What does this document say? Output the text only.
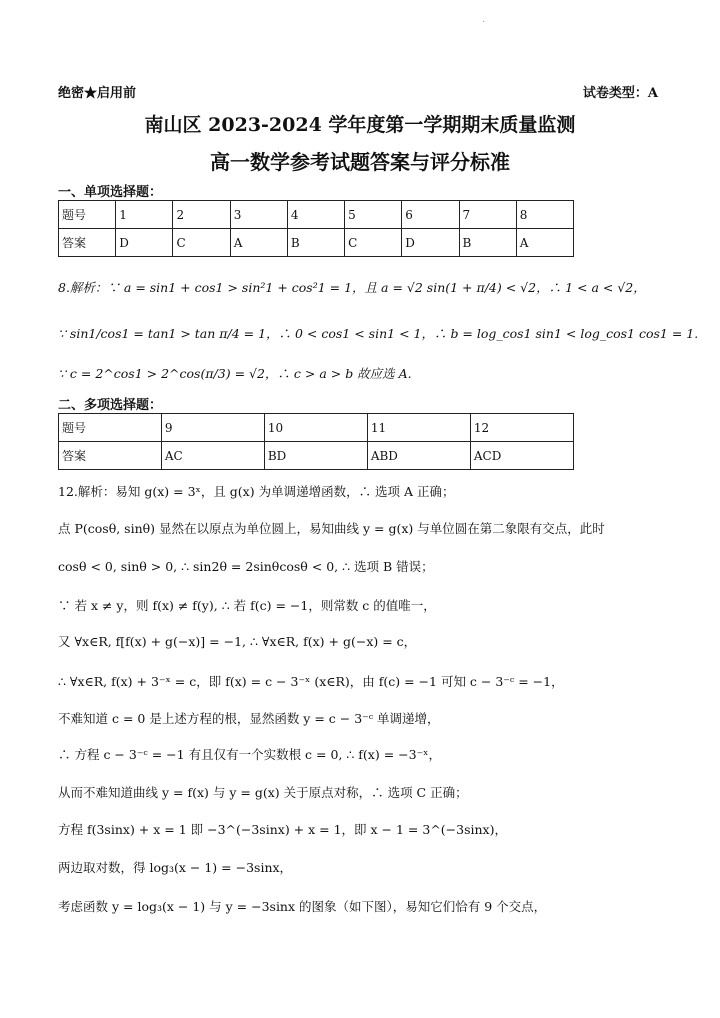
.
绝密★启用前	试卷类型：A
南山区 2023-2024 学年度第一学期期末质量监测
高一数学参考试题答案与评分标准
一、单项选择题：
题号	1	2	3	4	5	6	7	8
答案	D	C	A	B	C	D	B	A
8.解析：∵ a = sin1 + cos1 > sin²1 + cos²1 = 1，且 a = √2 sin(1 + π/4) < √2，∴ 1 < a < √2，
∵ sin1/cos1 = tan1 > tan π/4 = 1，∴ 0 < cos1 < sin1 < 1，∴ b = log_cos1 sin1 < log_cos1 cos1 = 1.
∵ c = 2^cos1 > 2^cos(π/3) = √2，∴ c > a > b 故应选 A.
二、多项选择题：
题号	9	10	11	12
答案	AC	BD	ABD	ACD
12.解析：易知 g(x) = 3ˣ，且 g(x) 为单调递增函数，∴ 选项 A 正确；
点 P(cosθ, sinθ) 显然在以原点为单位圆上，易知曲线 y = g(x) 与单位圆在第二象限有交点，此时
cosθ < 0, sinθ > 0, ∴ sin2θ = 2sinθcosθ < 0, ∴ 选项 B 错误；
∵ 若 x ≠ y，则 f(x) ≠ f(y), ∴ 若 f(c) = −1，则常数 c 的值唯一，
又 ∀x∈R, f[f(x) + g(−x)] = −1, ∴ ∀x∈R, f(x) + g(−x) = c，
∴ ∀x∈R, f(x) + 3⁻ˣ = c，即 f(x) = c − 3⁻ˣ (x∈R)，由 f(c) = −1 可知 c − 3⁻ᶜ = −1，
不难知道 c = 0 是上述方程的根，显然函数 y = c − 3⁻ᶜ 单调递增，
∴ 方程 c − 3⁻ᶜ = −1 有且仅有一个实数根 c = 0, ∴ f(x) = −3⁻ˣ，
从而不难知道曲线 y = f(x) 与 y = g(x) 关于原点对称，∴ 选项 C 正确；
方程 f(3sinx) + x = 1 即 −3^(−3sinx) + x = 1，即 x − 1 = 3^(−3sinx)，
两边取对数，得 log₃(x − 1) = −3sinx，
考虑函数 y = log₃(x − 1) 与 y = −3sinx 的图象（如下图），易知它们恰有 9 个交点，
